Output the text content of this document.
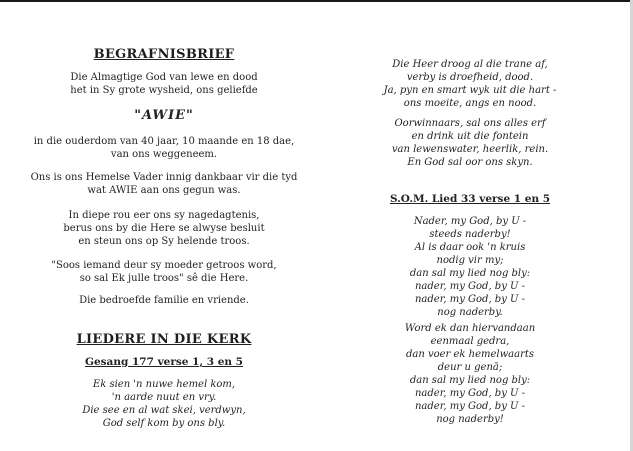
BEGRAFNISBRIEF
Die Almagtige God van lewe en dood
het in Sy grote wysheid, ons geliefde
"AWIE"
in die ouderdom van 40 jaar, 10 maande en 18 dae,
van ons weggeneem.
Ons is ons Hemelse Vader innig dankbaar vir die tyd
wat AWIE aan ons gegun was.
In diepe rou eer ons sy nagedagtenis,
berus ons by die Here se alwyse besluit
en steun ons op Sy helende troos.
"Soos iemand deur sy moeder getroos word,
so sal Ek julle troos" sê die Here.
Die bedroefde familie en vriende.
LIEDERE IN DIE KERK
Gesang 177 verse 1, 3 en 5
Ek sien 'n nuwe hemel kom,
'n aarde nuut en vry.
Die see en al wat skei, verdwyn,
God self kom by ons bly.
Die Heer droog al die trane af,
verby is droefheid, dood.
Ja, pyn en smart wyk uit die hart -
ons moeite, angs en nood.
Oorwinnaars, sal ons alles erf
en drink uit die fontein
van lewenswater, heerlik, rein.
En God sal oor ons skyn.
S.O.M. Lied 33 verse 1 en 5
Nader, my God, by U -
steeds naderby!
Al is daar ook 'n kruis
nodig vir my;
dan sal my lied nog bly:
nader, my God, by U -
nader, my God, by U -
nog naderby.
Word ek dan hiervandaan
eenmaal gedra,
dan voer ek hemelwaarts
deur u genā;
dan sal my lied nog bly:
nader, my God, by U -
nader, my God, by U -
nog naderby!
